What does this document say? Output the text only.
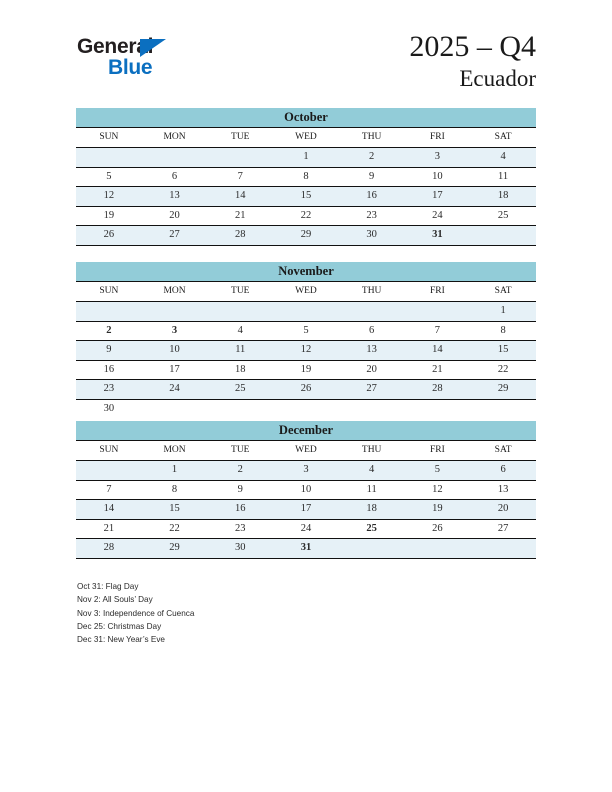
General
Blue
2025 – Q4
Ecuador
October						
SUN	MON	TUE	WED	THU	FRI	SAT
			1	2	3	4
5	6	7	8	9	10	11
12	13	14	15	16	17	18
19	20	21	22	23	24	25
26	27	28	29	30	31	
November						
SUN	MON	TUE	WED	THU	FRI	SAT
						1
2	3	4	5	6	7	8
9	10	11	12	13	14	15
16	17	18	19	20	21	22
23	24	25	26	27	28	29
30						
December						
SUN	MON	TUE	WED	THU	FRI	SAT
	1	2	3	4	5	6
7	8	9	10	11	12	13
14	15	16	17	18	19	20
21	22	23	24	25	26	27
28	29	30	31			
Oct 31: Flag Day
Nov 2: All Souls’ Day
Nov 3: Independence of Cuenca
Dec 25: Christmas Day
Dec 31: New Year’s Eve
